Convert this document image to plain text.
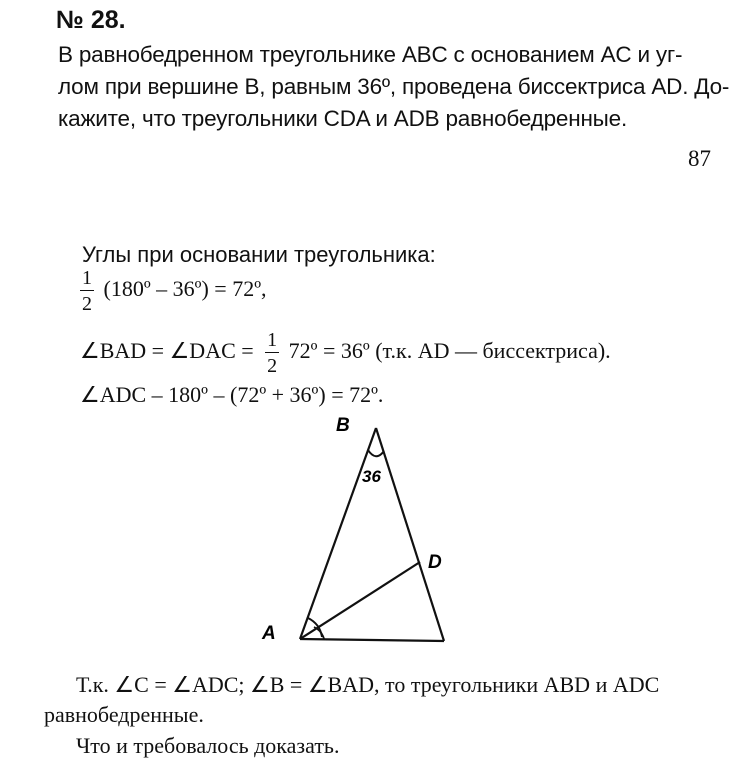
№ 28.
В равнобедренном треугольнике ABC с основанием AC и уг-
лом при вершине B, равным 36º, проведена биссектриса AD. До-
кажите, что треугольники CDA и ADB равнобедренные.
87
Углы при основании треугольника:
$\frac{1}{2}$ (180º – 36º) = 72º,
∠BAD = ∠DAC = $\frac{1}{2}$ 72º = 36º (т.к. AD — биссектриса).
∠ADC – 180º – (72º + 36º) = 72º.
B
36
D
A
Т.к. ∠C = ∠ADC; ∠B = ∠BAD, то треугольники ABD и ADC
равнобедренные.
Что и требовалось доказать.
